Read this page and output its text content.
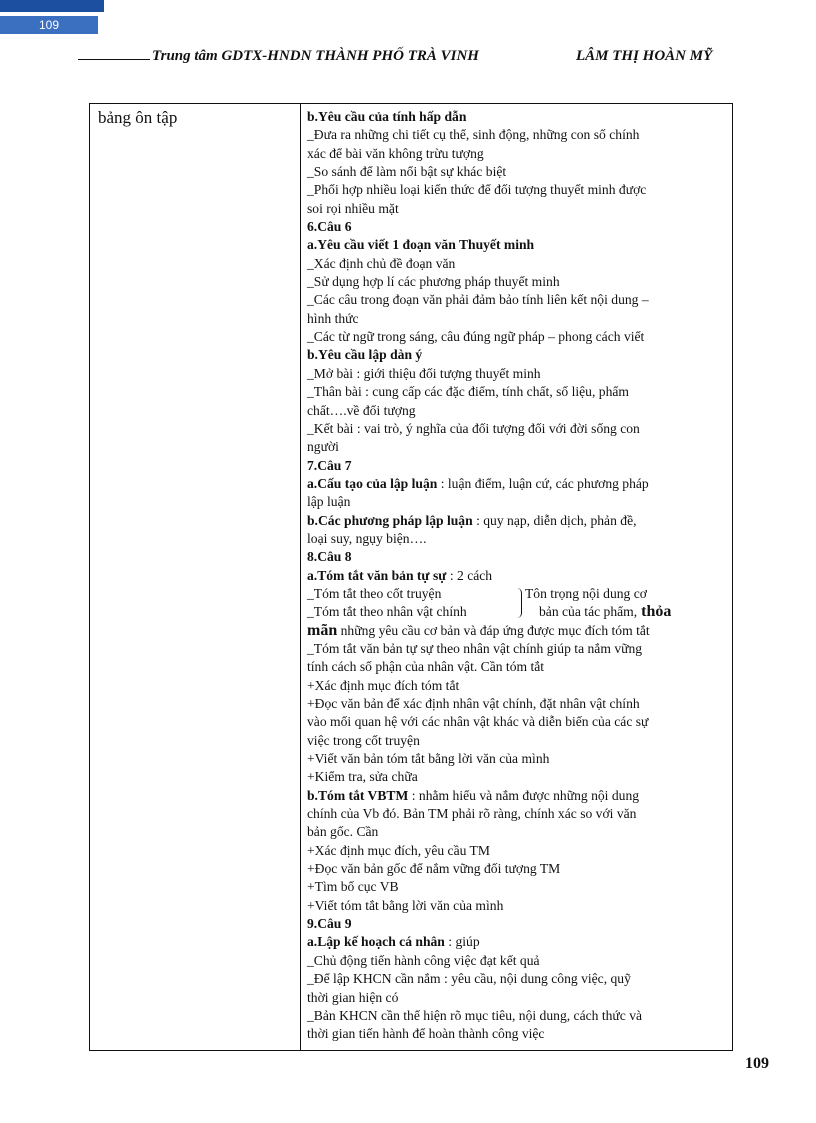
109
Trung tâm GDTX-HNDN THÀNH PHỐ TRÀ VINH	LÂM THỊ HOÀN MỸ
bảng ôn tập	b.Yêu cầu của tính hấp dẫn
_Đưa ra những chi tiết cụ thể, sinh động, những con số chính
xác để bài văn không trừu tượng
_So sánh để làm nổi bật sự khác biệt
_Phối hợp nhiều loại kiến thức để đối tượng thuyết minh được
soi rọi nhiều mặt
6.Câu 6
a.Yêu cầu viết 1 đoạn văn Thuyết minh
_Xác định chủ đề đoạn văn
_Sử dụng hợp lí các phương pháp thuyết minh
_Các câu trong đoạn văn phải đảm bảo tính liên kết nội dung –
hình thức
_Các từ ngữ trong sáng, câu đúng ngữ pháp – phong cách viết
b.Yêu cầu lập dàn ý
_Mở bài : giới thiệu đối tượng thuyết minh
_Thân bài : cung cấp các đặc điểm, tính chất, số liệu, phẩm
chất….về đối tượng
_Kết bài : vai trò, ý nghĩa của đối tượng đối với đời sống con
người
7.Câu 7
a.Cấu tạo của lập luận : luận điểm, luận cứ, các phương pháp
lập luận
b.Các phương pháp lập luận : quy nạp, diễn dịch, phản đề,
loại suy, ngụy biện….
8.Câu 8
a.Tóm tắt văn bản tự sự : 2 cách
_Tóm tắt theo cốt truyện	Tôn trọng nội dung cơ
_Tóm tắt theo nhân vật chính	bản của tác phẩm, thỏa
mãn những yêu cầu cơ bản và đáp ứng được mục đích tóm tắt
_Tóm tắt văn bản tự sự theo nhân vật chính giúp ta nắm vững
tính cách số phận của nhân vật. Cần tóm tắt
+Xác định mục đích tóm tắt
+Đọc văn bản để xác định nhân vật chính, đặt nhân vật chính
vào mối quan hệ với các nhân vật khác và diễn biến của các sự
việc trong cốt truyện
+Viết văn bản tóm tắt bằng lời văn của mình
+Kiểm tra, sửa chữa
b.Tóm tắt VBTM : nhằm hiểu và nắm được những nội dung
chính của Vb đó. Bản TM phải rõ ràng, chính xác so với văn
bản gốc. Cần
+Xác định mục đích, yêu cầu TM
+Đọc văn bản gốc để nắm vững đối tượng TM
+Tìm bố cục VB
+Viết tóm tắt bằng lời văn của mình
9.Câu 9
a.Lập kế hoạch cá nhân : giúp
_Chủ động tiến hành công việc đạt kết quả
_Để lập KHCN cần nắm : yêu cầu, nội dung công việc, quỹ
thời gian hiện có
_Bản KHCN cần thể hiện rõ mục tiêu, nội dung, cách thức và
thời gian tiến hành để hoàn thành công việc
109
